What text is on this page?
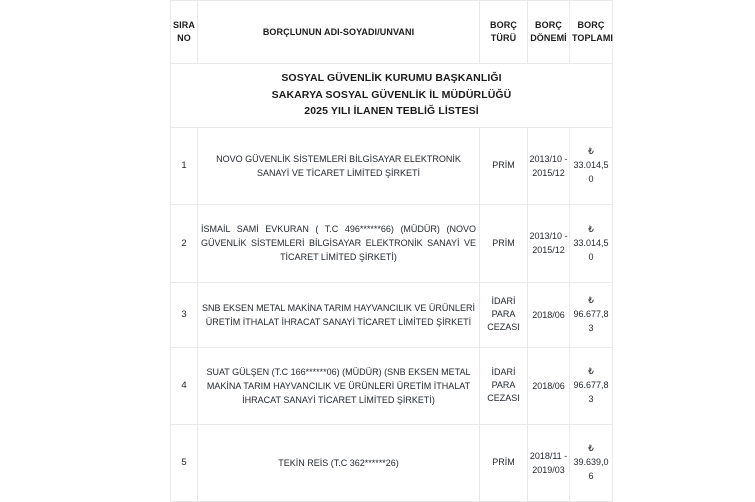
SOSYAL GÜVENLİK KURUMU BAŞKANLIĞI
SAKARYA SOSYAL GÜVENLİK İL MÜDÜRLÜĞÜ
2025 YILI İLANEN TEBLİĞ LİSTESİ				

SIRA NO	BORÇLUNUN ADI-SOYADI/UNVANI	BORÇ TÜRÜ	BORÇ DÖNEMİ	BORÇ TOPLAMI
1	NOVO GÜVENLİK SİSTEMLERİ BİLGİSAYAR ELEKTRONİK SANAYİ VE TİCARET LİMİTED ŞİRKETİ	PRİM	2013/10 - 2015/12	₺
33.014,50
2	İSMAİL SAMİ EVKURAN ( T.C 496******66) (MÜDÜR) (NOVO GÜVENLİK SİSTEMLERİ BİLGİSAYAR ELEKTRONİK SANAYİ VE TİCARET LİMİTED ŞİRKETİ)	PRİM	2013/10 - 2015/12	₺
33.014,50
3	SNB EKSEN METAL MAKİNA TARIM HAYVANCILIK VE ÜRÜNLERİ ÜRETİM İTHALAT İHRACAT SANAYİ TİCARET LİMİTED ŞİRKETİ	İDARİ PARA CEZASI	2018/06	₺
96.677,83
4	SUAT GÜLŞEN (T.C 166******06) (MÜDÜR) (SNB EKSEN METAL MAKİNA TARIM HAYVANCILIK VE ÜRÜNLERİ ÜRETİM İTHALAT İHRACAT SANAYİ TİCARET LİMİTED ŞİRKETİ)	İDARİ PARA CEZASI	2018/06	₺
96.677,83
5	TEKİN REİS (T.C 362******26)	PRİM	2018/11 - 2019/03	₺
39.639,06
